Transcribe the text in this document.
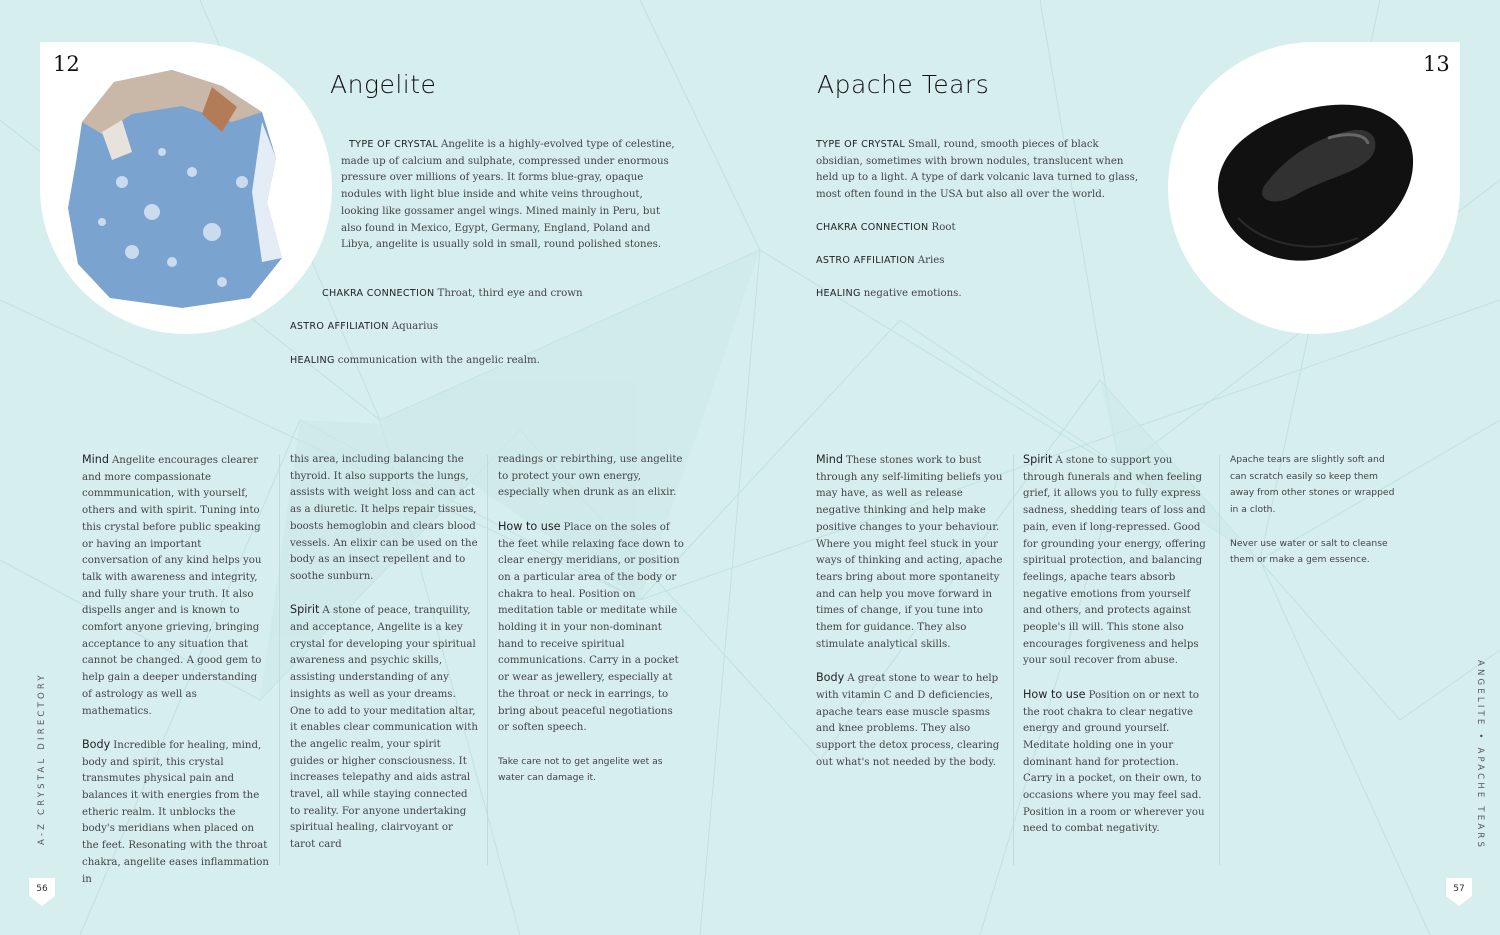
12
Angelite
TYPE OF CRYSTAL Angelite is a highly-evolved type of celestine, made up of calcium and sulphate, compressed under enormous pressure over millions of years. It forms blue-gray, opaque nodules with light blue inside and white veins throughout, looking like gossamer angel wings. Mined mainly in Peru, but also found in Mexico, Egypt, Germany, England, Poland and Libya, angelite is usually sold in small, round polished stones.
CHAKRA CONNECTION Throat, third eye and crown
ASTRO AFFILIATION Aquarius
HEALING communication with the angelic realm.

Mind Angelite encourages clearer and more compassionate commmunication, with yourself, others and with spirit. Tuning into this crystal before public speaking or having an important conversation of any kind helps you talk with awareness and integrity, and fully share your truth. It also dispells anger and is known to comfort anyone grieving, bringing acceptance to any situation that cannot be changed. A good gem to help gain a deeper understanding of astrology as well as mathematics.

Body Incredible for healing, mind, body and spirit, this crystal transmutes physical pain and balances it with energies from the etheric realm. It unblocks the body's meridians when placed on the feet. Resonating with the throat chakra, angelite eases inflammation in

this area, including balancing the thyroid. It also supports the lungs, assists with weight loss and can act as a diuretic. It helps repair tissues, boosts hemoglobin and clears blood vessels. An elixir can be used on the body as an insect repellent and to soothe sunburn.

Spirit A stone of peace, tranquility, and acceptance, Angelite is a key crystal for developing your spiritual awareness and psychic skills, assisting understanding of any insights as well as your dreams. One to add to your meditation altar, it enables clear communication with the angelic realm, your spirit guides or higher consciousness. It increases telepathy and aids astral travel, all while staying connected to reality. For anyone undertaking spiritual healing, clairvoyant or tarot card

readings or rebirthing, use angelite to protect your own energy, especially when drunk as an elixir.

How to use Place on the soles of the feet while relaxing face down to clear energy meridians, or position on a particular area of the body or chakra to heal. Position on meditation table or meditate while holding it in your non-dominant hand to receive spiritual communications. Carry in a pocket or wear as jewellery, especially at the throat or neck in earrings, to bring about peaceful negotiations or soften speech.

Take care not to get angelite wet as water can damage it.

A-Z CRYSTAL DIRECTORY
56
13
Apache Tears
TYPE OF CRYSTAL Small, round, smooth pieces of black obsidian, sometimes with brown nodules, translucent when held up to a light. A type of dark volcanic lava turned to glass, most often found in the USA but also all over the world.
CHAKRA CONNECTION Root
ASTRO AFFILIATION Aries
HEALING negative emotions.

Mind These stones work to bust through any self-limiting beliefs you may have, as well as release negative thinking and help make positive changes to your behaviour. Where you might feel stuck in your ways of thinking and acting, apache tears bring about more spontaneity and can help you move forward in times of change, if you tune into them for guidance. They also stimulate analytical skills.

Body A great stone to wear to help with vitamin C and D deficiencies, apache tears ease muscle spasms and knee problems. They also support the detox process, clearing out what's not needed by the body.

Spirit A stone to support you through funerals and when feeling grief, it allows you to fully express sadness, shedding tears of loss and pain, even if long-repressed. Good for grounding your energy, offering spiritual protection, and balancing feelings, apache tears absorb negative emotions from yourself and others, and protects against people's ill will. This stone also encourages forgiveness and helps your soul recover from abuse.

How to use Position on or next to the root chakra to clear negative energy and ground yourself. Meditate holding one in your dominant hand for protection. Carry in a pocket, on their own, to occasions where you may feel sad. Position in a room or wherever you need to combat negativity.

Apache tears are slightly soft and can scratch easily so keep them away from other stones or wrapped in a cloth.

Never use water or salt to cleanse them or make a gem essence.

ANGELITE • APACHE TEARS
57
